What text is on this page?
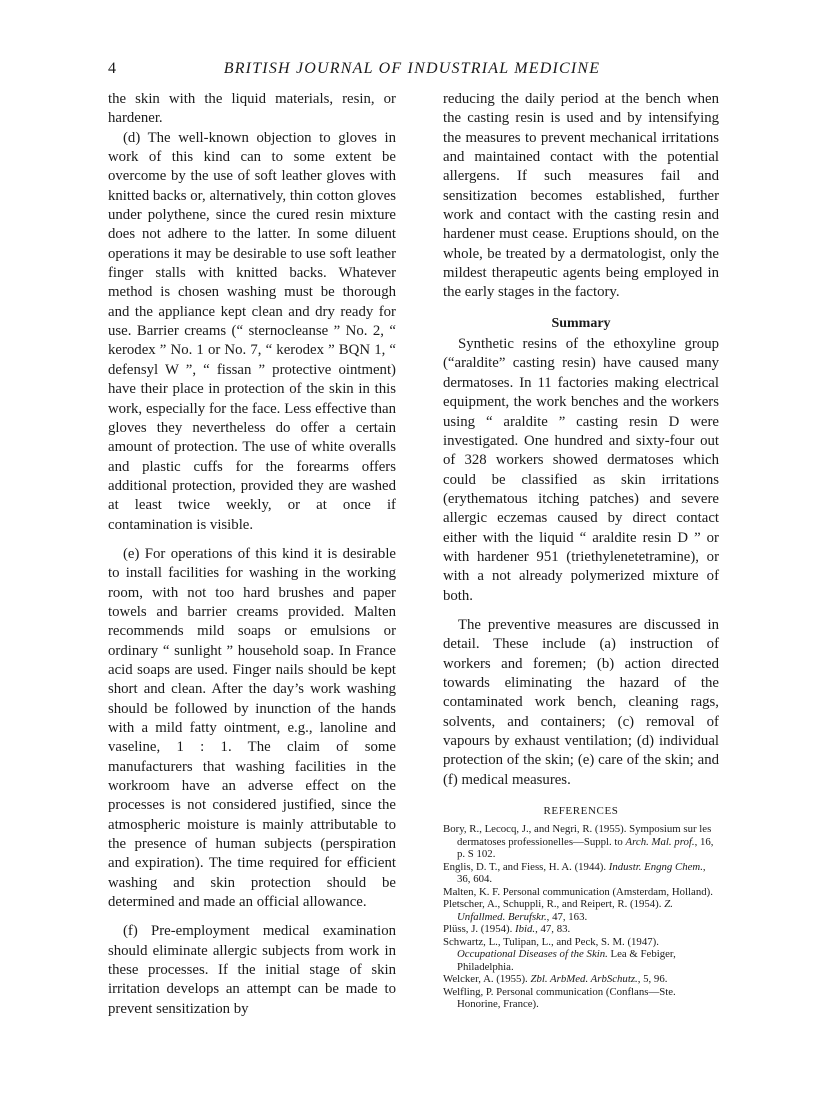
4	BRITISH JOURNAL OF INDUSTRIAL MEDICINE

the skin with the liquid materials, resin, or hardener.

(d) The well-known objection to gloves in work of this kind can to some extent be overcome by the use of soft leather gloves with knitted backs or, alternatively, thin cotton gloves under polythene, since the cured resin mixture does not adhere to the latter. In some diluent operations it may be desirable to use soft leather finger stalls with knitted backs. Whatever method is chosen washing must be thorough and the appliance kept clean and dry ready for use. Barrier creams (“ sternocleanse ” No. 2, “ kerodex ” No. 1 or No. 7, “ kerodex ” BQN 1, “ defensyl W ”, “ fissan ” protective ointment) have their place in protection of the skin in this work, especially for the face. Less effective than gloves they nevertheless do offer a certain amount of protection. The use of white overalls and plastic cuffs for the forearms offers additional protection, provided they are washed at least twice weekly, or at once if contamination is visible.

(e) For operations of this kind it is desirable to install facilities for washing in the working room, with not too hard brushes and paper towels and barrier creams provided. Malten recommends mild soaps or emulsions or ordinary “ sunlight ” household soap. In France acid soaps are used. Finger nails should be kept short and clean. After the day’s work washing should be followed by inunction of the hands with a mild fatty ointment, e.g., lanoline and vaseline, 1 : 1. The claim of some manufacturers that washing facilities in the workroom have an adverse effect on the processes is not considered justified, since the atmospheric moisture is mainly attributable to the presence of human subjects (perspiration and expiration). The time required for efficient washing and skin protection should be determined and made an official allowance.

(f) Pre-employment medical examination should eliminate allergic subjects from work in these processes. If the initial stage of skin irritation develops an attempt can be made to prevent sensitization by

reducing the daily period at the bench when the casting resin is used and by intensifying the measures to prevent mechanical irritations and maintained contact with the potential allergens. If such measures fail and sensitization becomes established, further work and contact with the casting resin and hardener must cease. Eruptions should, on the whole, be treated by a dermatologist, only the mildest therapeutic agents being employed in the early stages in the factory.

Summary

Synthetic resins of the ethoxyline group (“araldite” casting resin) have caused many dermatoses. In 11 factories making electrical equipment, the work benches and the workers using “ araldite ” casting resin D were investigated. One hundred and sixty-four out of 328 workers showed dermatoses which could be classified as skin irritations (erythematous itching patches) and severe allergic eczemas caused by direct contact either with the liquid “ araldite resin D ” or with hardener 951 (triethylenetetramine), or with a not already polymerized mixture of both.

The preventive measures are discussed in detail. These include (a) instruction of workers and foremen; (b) action directed towards eliminating the hazard of the contaminated work bench, cleaning rags, solvents, and containers; (c) removal of vapours by exhaust ventilation; (d) individual protection of the skin; (e) care of the skin; and (f) medical measures.

REFERENCES
Bory, R., Lecocq, J., and Negri, R. (1955). Symposium sur les dermatoses professionelles—Suppl. to Arch. Mal. prof., 16, p. S 102.
Englis, D. T., and Fiess, H. A. (1944). Industr. Engng Chem., 36, 604.
Malten, K. F. Personal communication (Amsterdam, Holland).
Pletscher, A., Schuppli, R., and Reipert, R. (1954). Z. Unfallmed. Berufskr., 47, 163.
Plüss, J. (1954). Ibid., 47, 83.
Schwartz, L., Tulipan, L., and Peck, S. M. (1947). Occupational Diseases of the Skin. Lea & Febiger, Philadelphia.
Welcker, A. (1955). Zbl. ArbMed. ArbSchutz., 5, 96.
Welfling, P. Personal communication (Conflans—Ste. Honorine, France).
